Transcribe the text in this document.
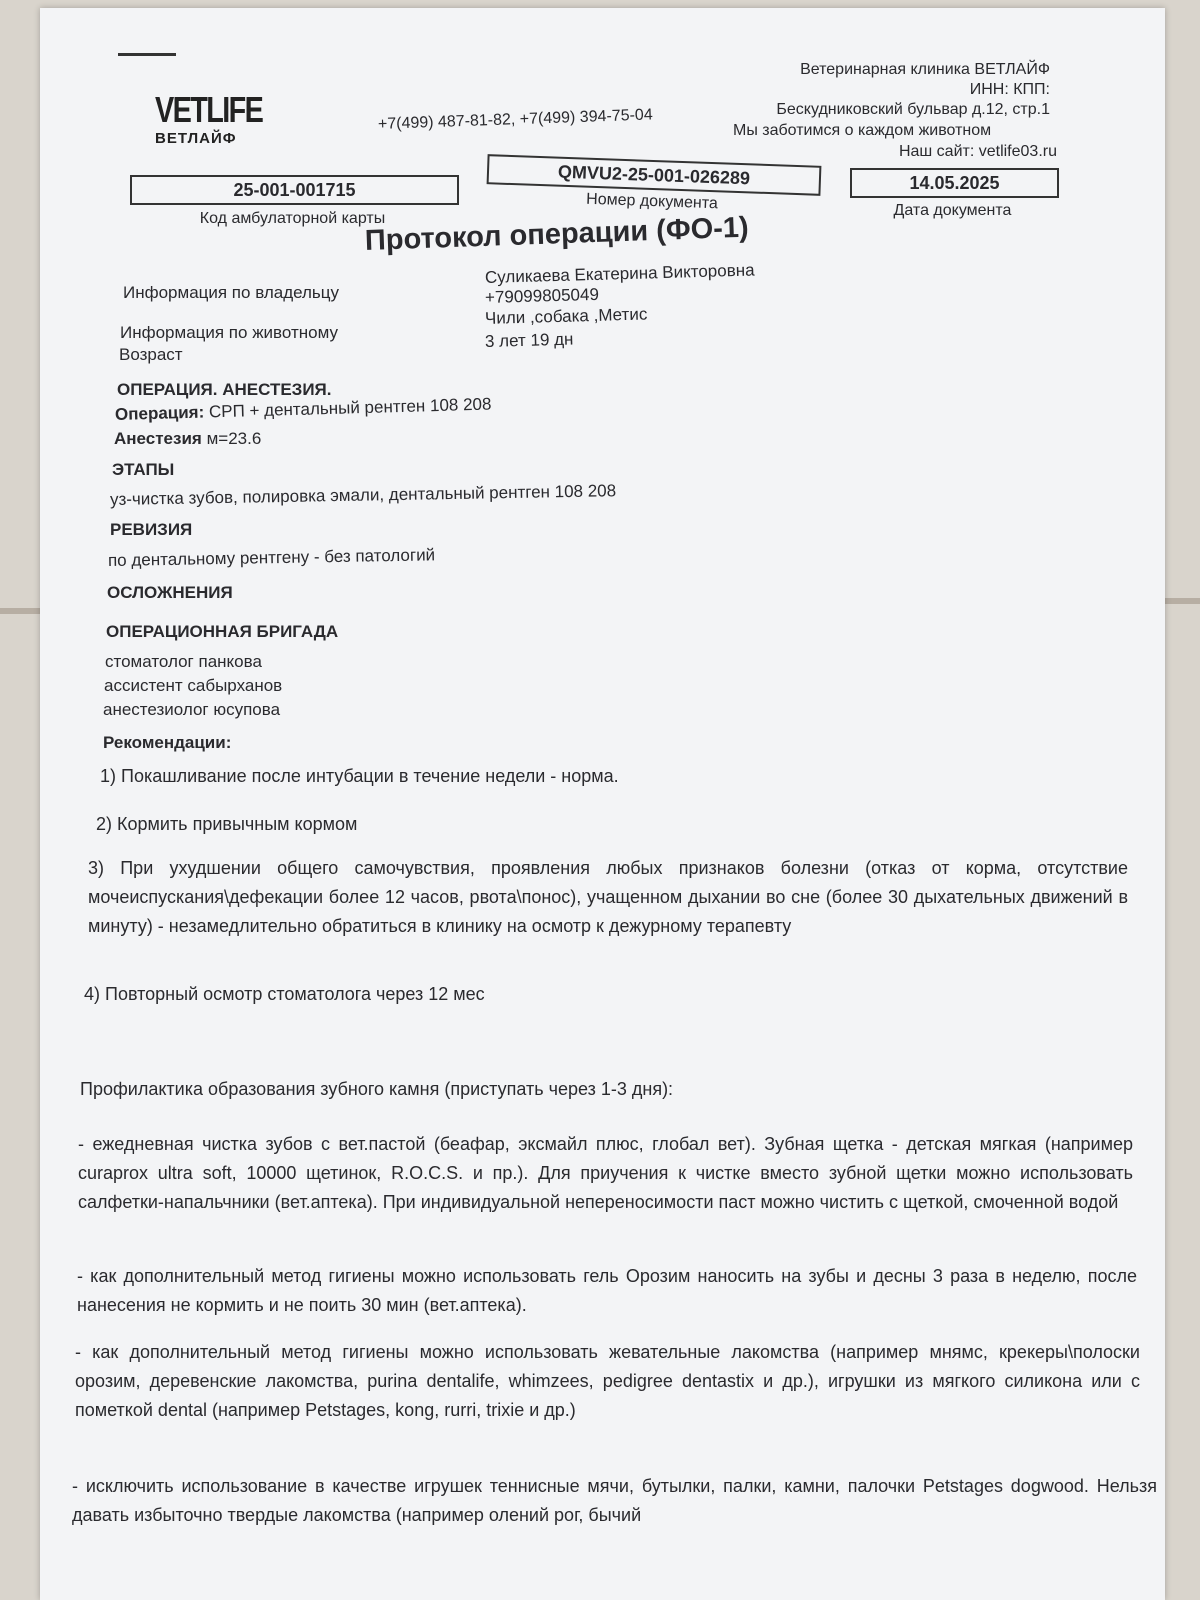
VETLIFE
ВЕТЛАЙФ
Ветеринарная клиника ВЕТЛАЙФ
ИНН: КПП:
Бескудниковский бульвар д.12, стр.1
+7(499) 487-81-82, +7(499) 394-75-04	Мы заботимся о каждом животном
Наш сайт: vetlife03.ru
25-001-001715
Код амбулаторной карты
QMVU2-25-001-026289
Номер документа
14.05.2025
Дата документа
Протокол операции (ФО-1)
Информация по владельцу
Суликаева Екатерина Викторовна
+79099805049
Информация по животному
Чили ,собака ,Метис
Возраст
3 лет 19 дн
ОПЕРАЦИЯ. АНЕСТЕЗИЯ.
Операция: СРП + дентальный рентген 108 208
Анестезия м=23.6
ЭТАПЫ
уз-чистка зубов, полировка эмали, дентальный рентген 108 208
РЕВИЗИЯ
по дентальному рентгену - без патологий
ОСЛОЖНЕНИЯ
ОПЕРАЦИОННАЯ БРИГАДА
стоматолог панкова
ассистент сабырханов
анестезиолог юсупова
Рекомендации:
1) Покашливание после интубации в течение недели - норма.
2) Кормить привычным кормом
3) При ухудшении общего самочувствия, проявления любых признаков болезни (отказ от корма, отсутствие мочеиспускания\дефекации более 12 часов, рвота\понос), учащенном дыхании во сне (более 30 дыхательных движений в минуту) - незамедлительно обратиться в клинику на осмотр к дежурному терапевту
4) Повторный осмотр стоматолога через 12 мес
Профилактика образования зубного камня (приступать через 1-3 дня):
- ежедневная чистка зубов с вет.пастой (беафар, эксмайл плюс, глобал вет). Зубная щетка - детская мягкая (например curaprox ultra soft, 10000 щетинок, R.O.C.S. и пр.). Для приучения к чистке вместо зубной щетки можно использовать салфетки-напальчники (вет.аптека). При индивидуальной непереносимости паст можно чистить с щеткой, смоченной водой
- как дополнительный метод гигиены можно использовать гель Орозим наносить на зубы и десны 3 раза в неделю, после нанесения не кормить и не поить 30 мин (вет.аптека).
- как дополнительный метод гигиены можно использовать жевательные лакомства (например мнямс, крекеры\полоски орозим, деревенские лакомства, purina dentalife, whimzees, pedigree dentastix и др.), игрушки из мягкого силикона или с пометкой dental (например Petstages, kong, rurri, trixie и др.)
- исключить использование в качестве игрушек теннисные мячи, бутылки, палки, камни, палочки Petstages dogwood. Нельзя давать избыточно твердые лакомства (например олений рог, бычий
